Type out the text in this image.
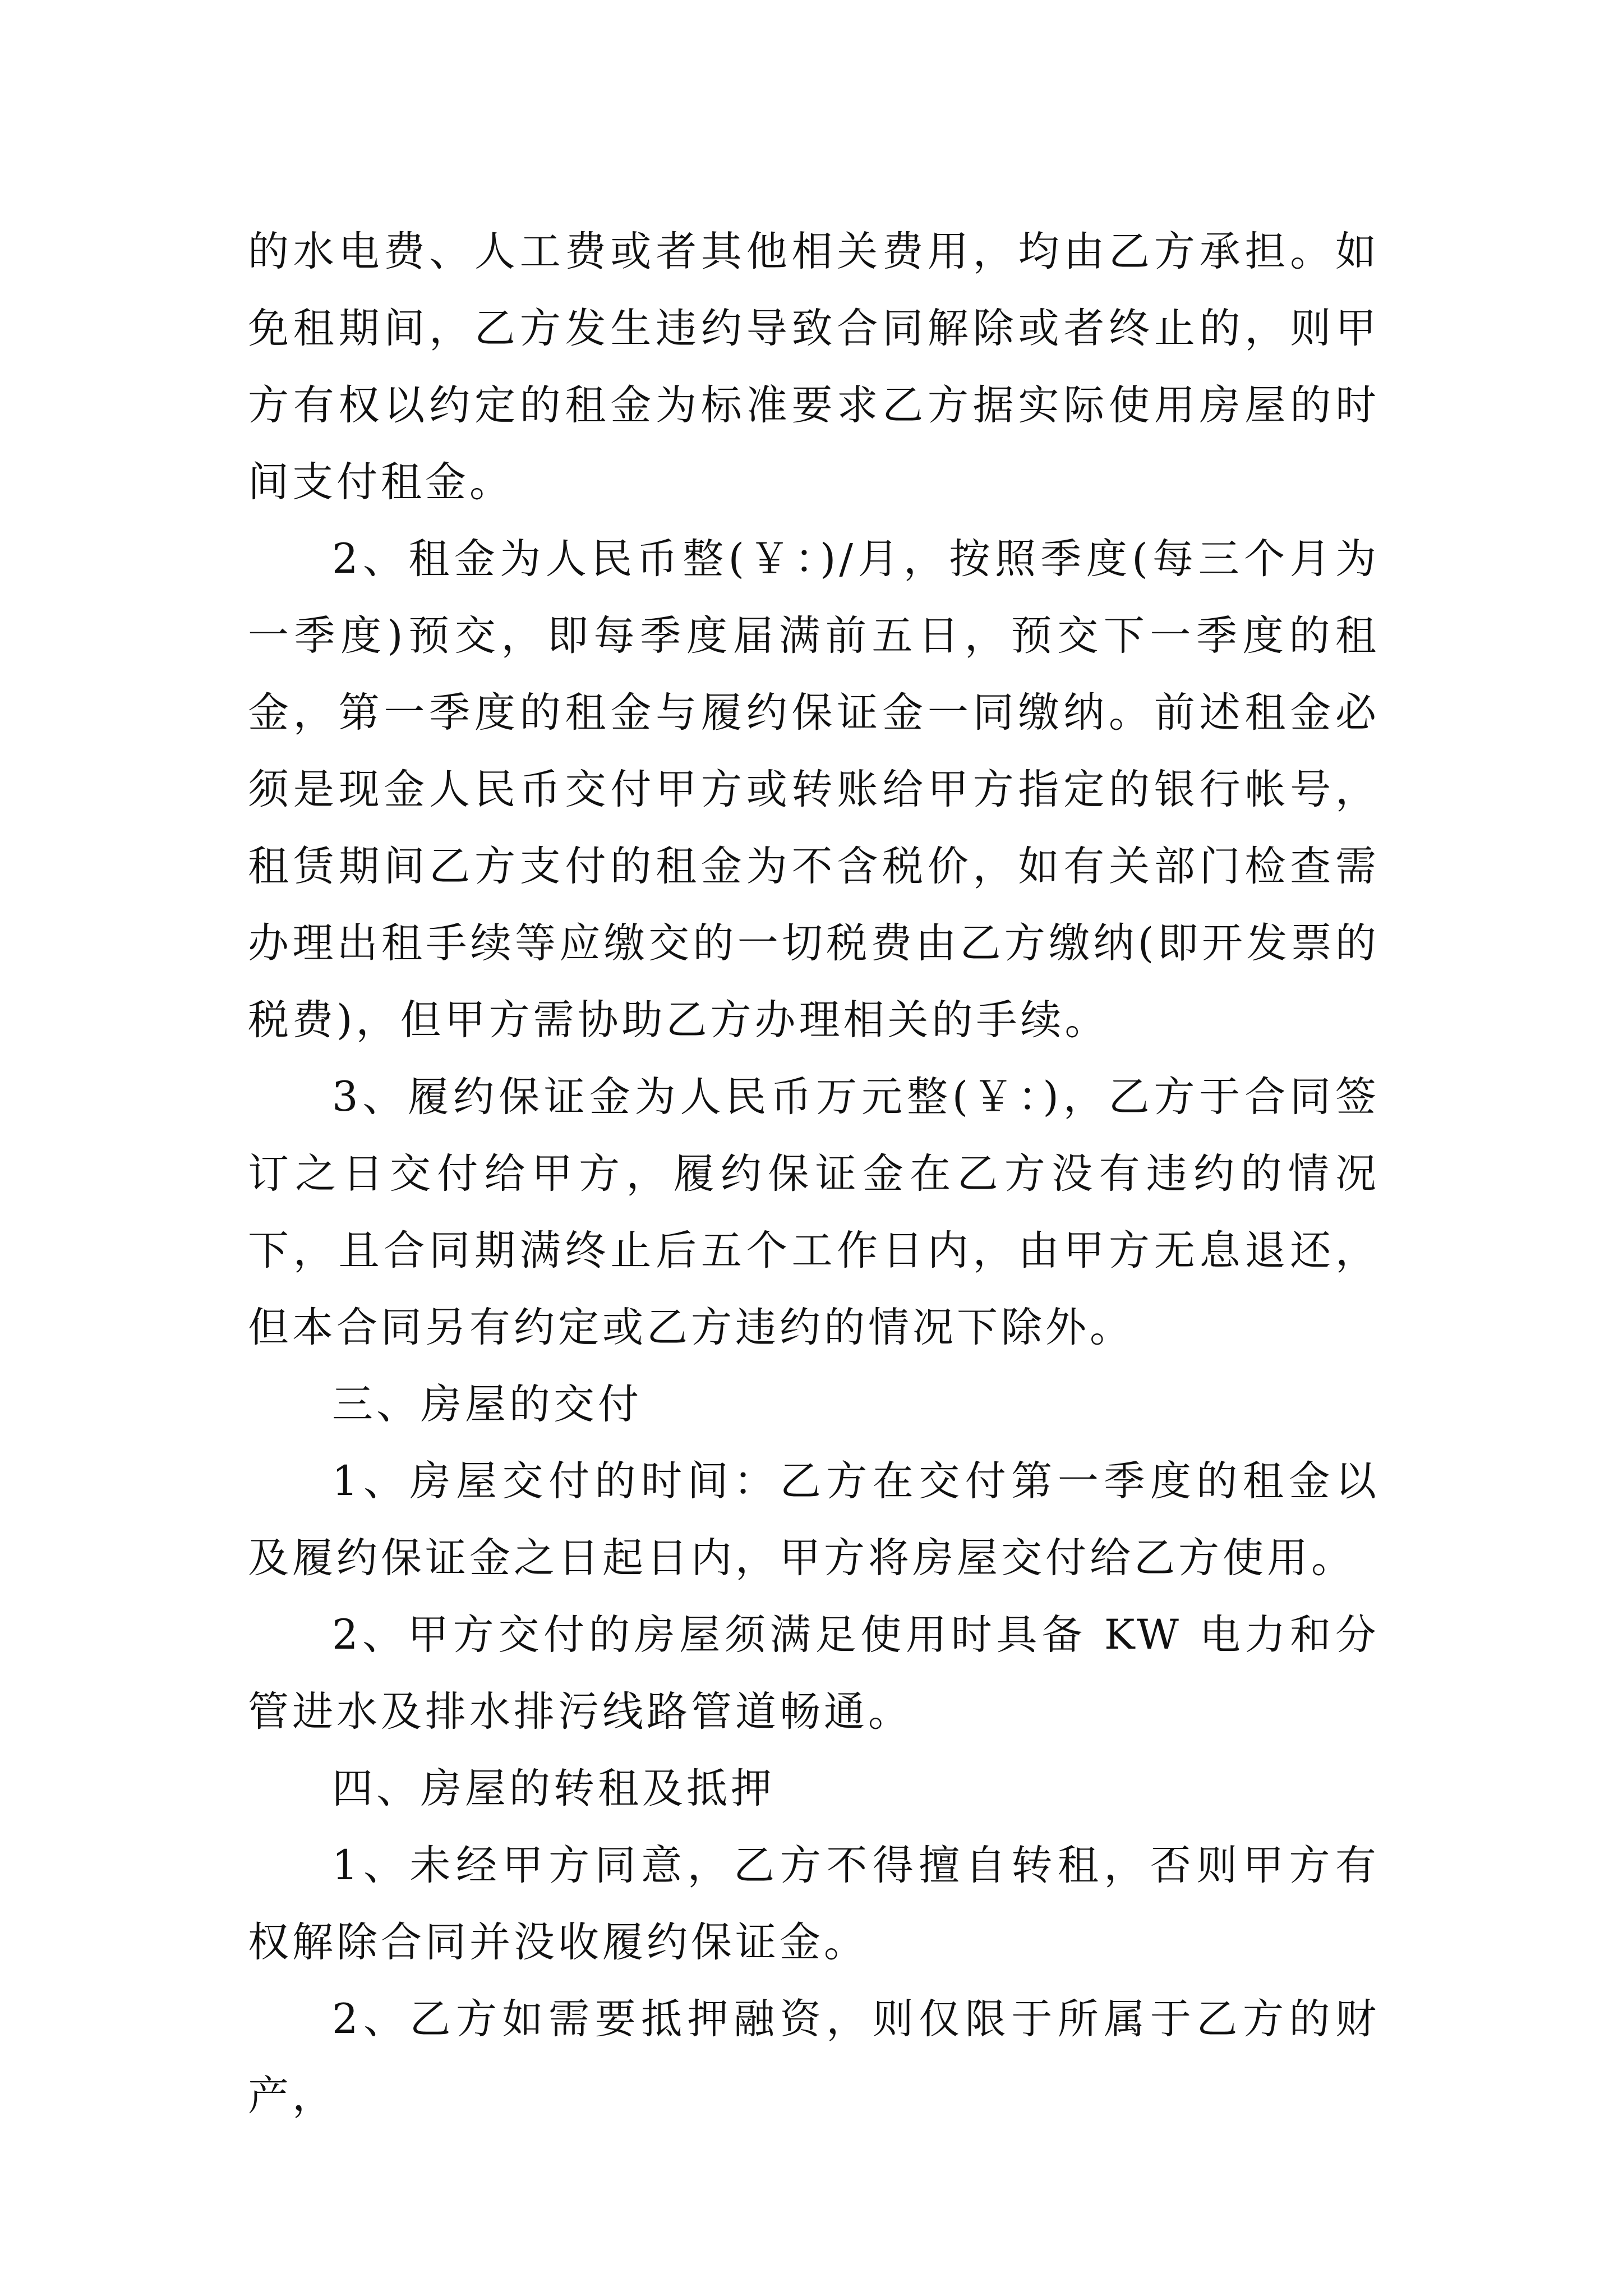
的水电费、人工费或者其他相关费用，均由乙方承担。如免租期间，乙方发生违约导致合同解除或者终止的，则甲方有权以约定的租金为标准要求乙方据实际使用房屋的时间支付租金。

2、租金为人民币整(￥：)/月，按照季度(每三个月为一季度)预交，即每季度届满前五日，预交下一季度的租金，第一季度的租金与履约保证金一同缴纳。前述租金必须是现金人民币交付甲方或转账给甲方指定的银行帐号，租赁期间乙方支付的租金为不含税价，如有关部门检查需办理出租手续等应缴交的一切税费由乙方缴纳(即开发票的税费)，但甲方需协助乙方办理相关的手续。

3、履约保证金为人民币万元整(￥：)，乙方于合同签订之日交付给甲方，履约保证金在乙方没有违约的情况下，且合同期满终止后五个工作日内，由甲方无息退还，但本合同另有约定或乙方违约的情况下除外。

三、房屋的交付

1、房屋交付的时间：乙方在交付第一季度的租金以及履约保证金之日起日内，甲方将房屋交付给乙方使用。

2、甲方交付的房屋须满足使用时具备 KW 电力和分管进水及排水排污线路管道畅通。

四、房屋的转租及抵押

1、未经甲方同意，乙方不得擅自转租，否则甲方有权解除合同并没收履约保证金。

2、乙方如需要抵押融资，则仅限于所属于乙方的财产，
